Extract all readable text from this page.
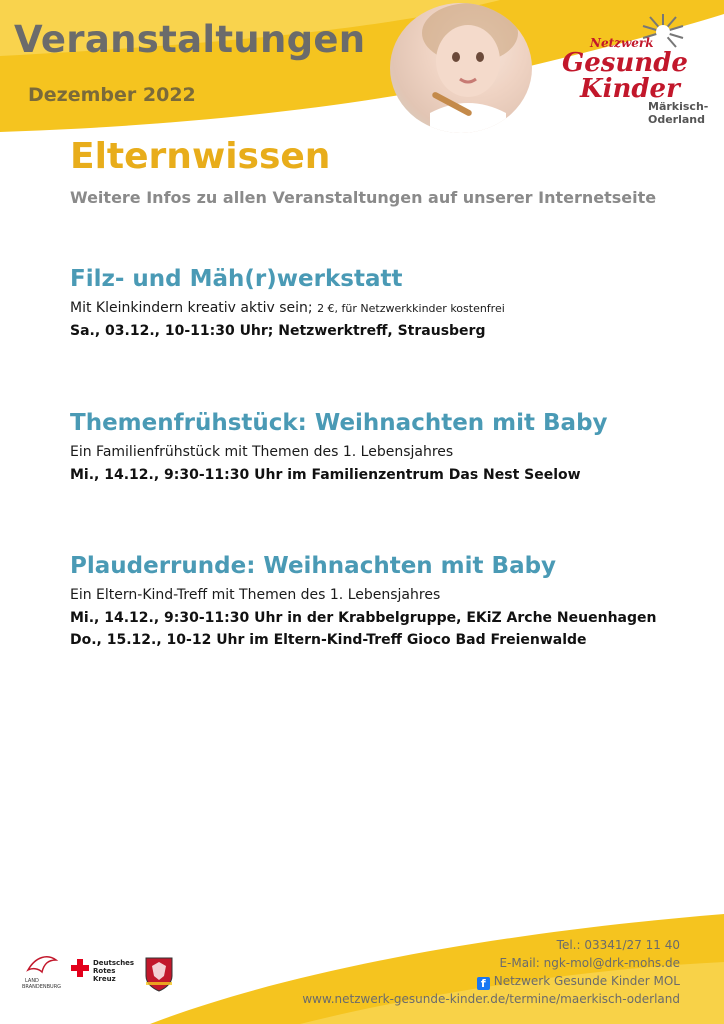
Veranstaltungen

Dezember 2022

Netzwerk

Gesunde

Kinder

Märkisch-

Oderland

Elternwissen

Weitere Infos zu allen Veranstaltungen auf unserer Internetseite

Filz- und Mäh(r)werkstatt

Mit Kleinkindern kreativ aktiv sein; 2 €, für Netzwerkkinder kostenfrei

Sa., 03.12., 10-11:30 Uhr; Netzwerktreff, Strausberg

Themenfrühstück: Weihnachten mit Baby

Ein Familienfrühstück mit Themen des 1. Lebensjahres

Mi., 14.12., 9:30-11:30 Uhr im Familienzentrum Das Nest Seelow

Plauderrunde: Weihnachten mit Baby

Ein Eltern-Kind-Treff mit Themen des 1. Lebensjahres

Mi., 14.12., 9:30-11:30 Uhr in der Krabbelgruppe, EKiZ Arche Neuenhagen

Do., 15.12., 10-12 Uhr im Eltern-Kind-Treff Gioco Bad Freienwalde

Tel.: 03341/27 11 40

E-Mail: ngk-mol@drk-mohs.de

f Netzwerk Gesunde Kinder MOL

www.netzwerk-gesunde-kinder.de/termine/maerkisch-oderland

LAND
BRANDENBURG
Deutsches
Rotes
Kreuz
